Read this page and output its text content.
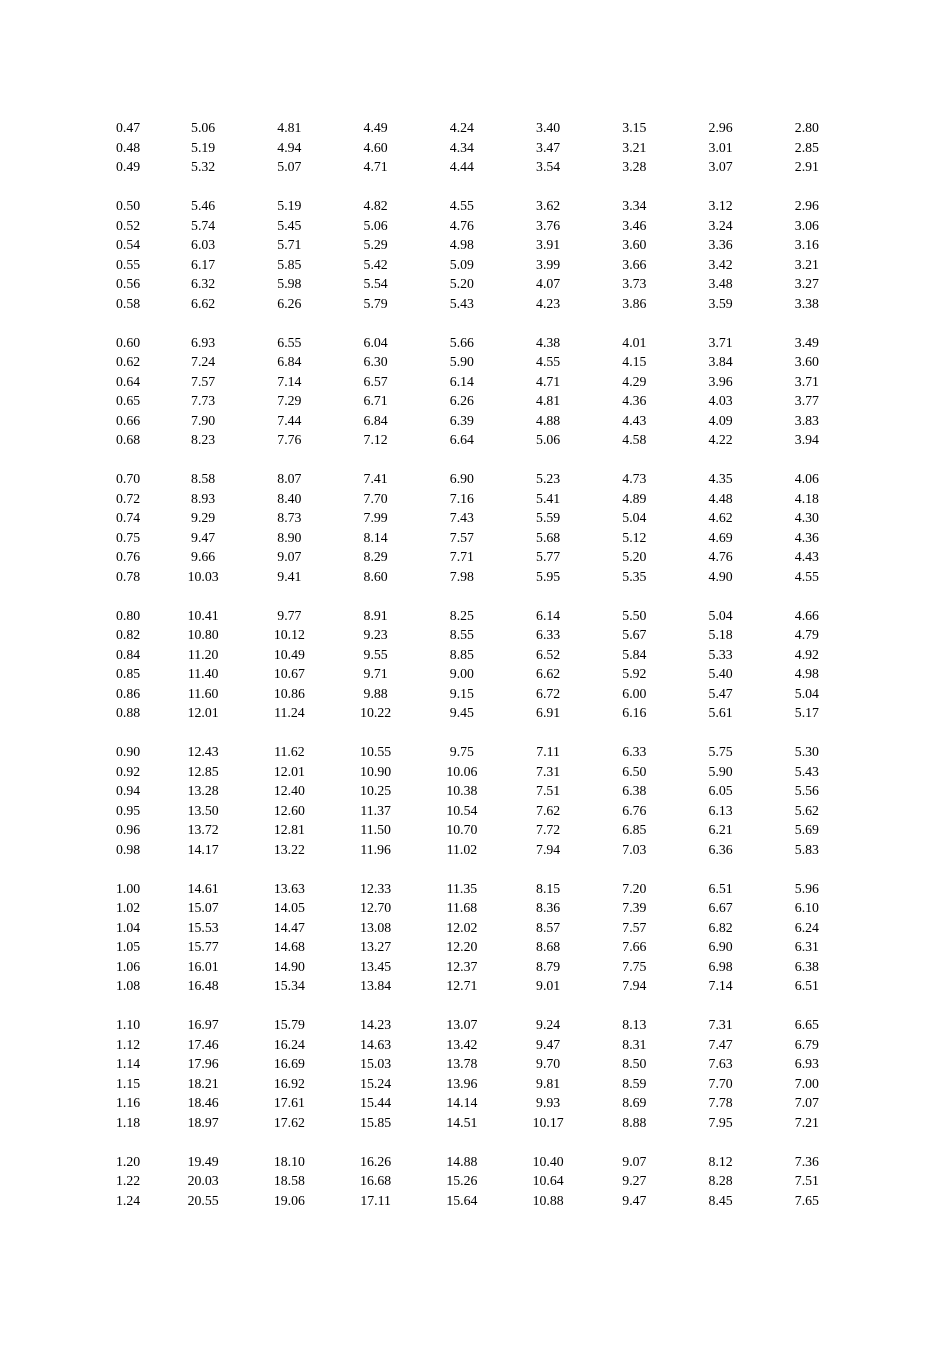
0.47	5.06	4.81	4.49	4.24	3.40	3.15	2.96	2.80
0.48	5.19	4.94	4.60	4.34	3.47	3.21	3.01	2.85
0.49	5.32	5.07	4.71	4.44	3.54	3.28	3.07	2.91
0.50	5.46	5.19	4.82	4.55	3.62	3.34	3.12	2.96
0.52	5.74	5.45	5.06	4.76	3.76	3.46	3.24	3.06
0.54	6.03	5.71	5.29	4.98	3.91	3.60	3.36	3.16
0.55	6.17	5.85	5.42	5.09	3.99	3.66	3.42	3.21
0.56	6.32	5.98	5.54	5.20	4.07	3.73	3.48	3.27
0.58	6.62	6.26	5.79	5.43	4.23	3.86	3.59	3.38
0.60	6.93	6.55	6.04	5.66	4.38	4.01	3.71	3.49
0.62	7.24	6.84	6.30	5.90	4.55	4.15	3.84	3.60
0.64	7.57	7.14	6.57	6.14	4.71	4.29	3.96	3.71
0.65	7.73	7.29	6.71	6.26	4.81	4.36	4.03	3.77
0.66	7.90	7.44	6.84	6.39	4.88	4.43	4.09	3.83
0.68	8.23	7.76	7.12	6.64	5.06	4.58	4.22	3.94
0.70	8.58	8.07	7.41	6.90	5.23	4.73	4.35	4.06
0.72	8.93	8.40	7.70	7.16	5.41	4.89	4.48	4.18
0.74	9.29	8.73	7.99	7.43	5.59	5.04	4.62	4.30
0.75	9.47	8.90	8.14	7.57	5.68	5.12	4.69	4.36
0.76	9.66	9.07	8.29	7.71	5.77	5.20	4.76	4.43
0.78	10.03	9.41	8.60	7.98	5.95	5.35	4.90	4.55
0.80	10.41	9.77	8.91	8.25	6.14	5.50	5.04	4.66
0.82	10.80	10.12	9.23	8.55	6.33	5.67	5.18	4.79
0.84	11.20	10.49	9.55	8.85	6.52	5.84	5.33	4.92
0.85	11.40	10.67	9.71	9.00	6.62	5.92	5.40	4.98
0.86	11.60	10.86	9.88	9.15	6.72	6.00	5.47	5.04
0.88	12.01	11.24	10.22	9.45	6.91	6.16	5.61	5.17
0.90	12.43	11.62	10.55	9.75	7.11	6.33	5.75	5.30
0.92	12.85	12.01	10.90	10.06	7.31	6.50	5.90	5.43
0.94	13.28	12.40	10.25	10.38	7.51	6.38	6.05	5.56
0.95	13.50	12.60	11.37	10.54	7.62	6.76	6.13	5.62
0.96	13.72	12.81	11.50	10.70	7.72	6.85	6.21	5.69
0.98	14.17	13.22	11.96	11.02	7.94	7.03	6.36	5.83
1.00	14.61	13.63	12.33	11.35	8.15	7.20	6.51	5.96
1.02	15.07	14.05	12.70	11.68	8.36	7.39	6.67	6.10
1.04	15.53	14.47	13.08	12.02	8.57	7.57	6.82	6.24
1.05	15.77	14.68	13.27	12.20	8.68	7.66	6.90	6.31
1.06	16.01	14.90	13.45	12.37	8.79	7.75	6.98	6.38
1.08	16.48	15.34	13.84	12.71	9.01	7.94	7.14	6.51
1.10	16.97	15.79	14.23	13.07	9.24	8.13	7.31	6.65
1.12	17.46	16.24	14.63	13.42	9.47	8.31	7.47	6.79
1.14	17.96	16.69	15.03	13.78	9.70	8.50	7.63	6.93
1.15	18.21	16.92	15.24	13.96	9.81	8.59	7.70	7.00
1.16	18.46	17.61	15.44	14.14	9.93	8.69	7.78	7.07
1.18	18.97	17.62	15.85	14.51	10.17	8.88	7.95	7.21
1.20	19.49	18.10	16.26	14.88	10.40	9.07	8.12	7.36
1.22	20.03	18.58	16.68	15.26	10.64	9.27	8.28	7.51
1.24	20.55	19.06	17.11	15.64	10.88	9.47	8.45	7.65
